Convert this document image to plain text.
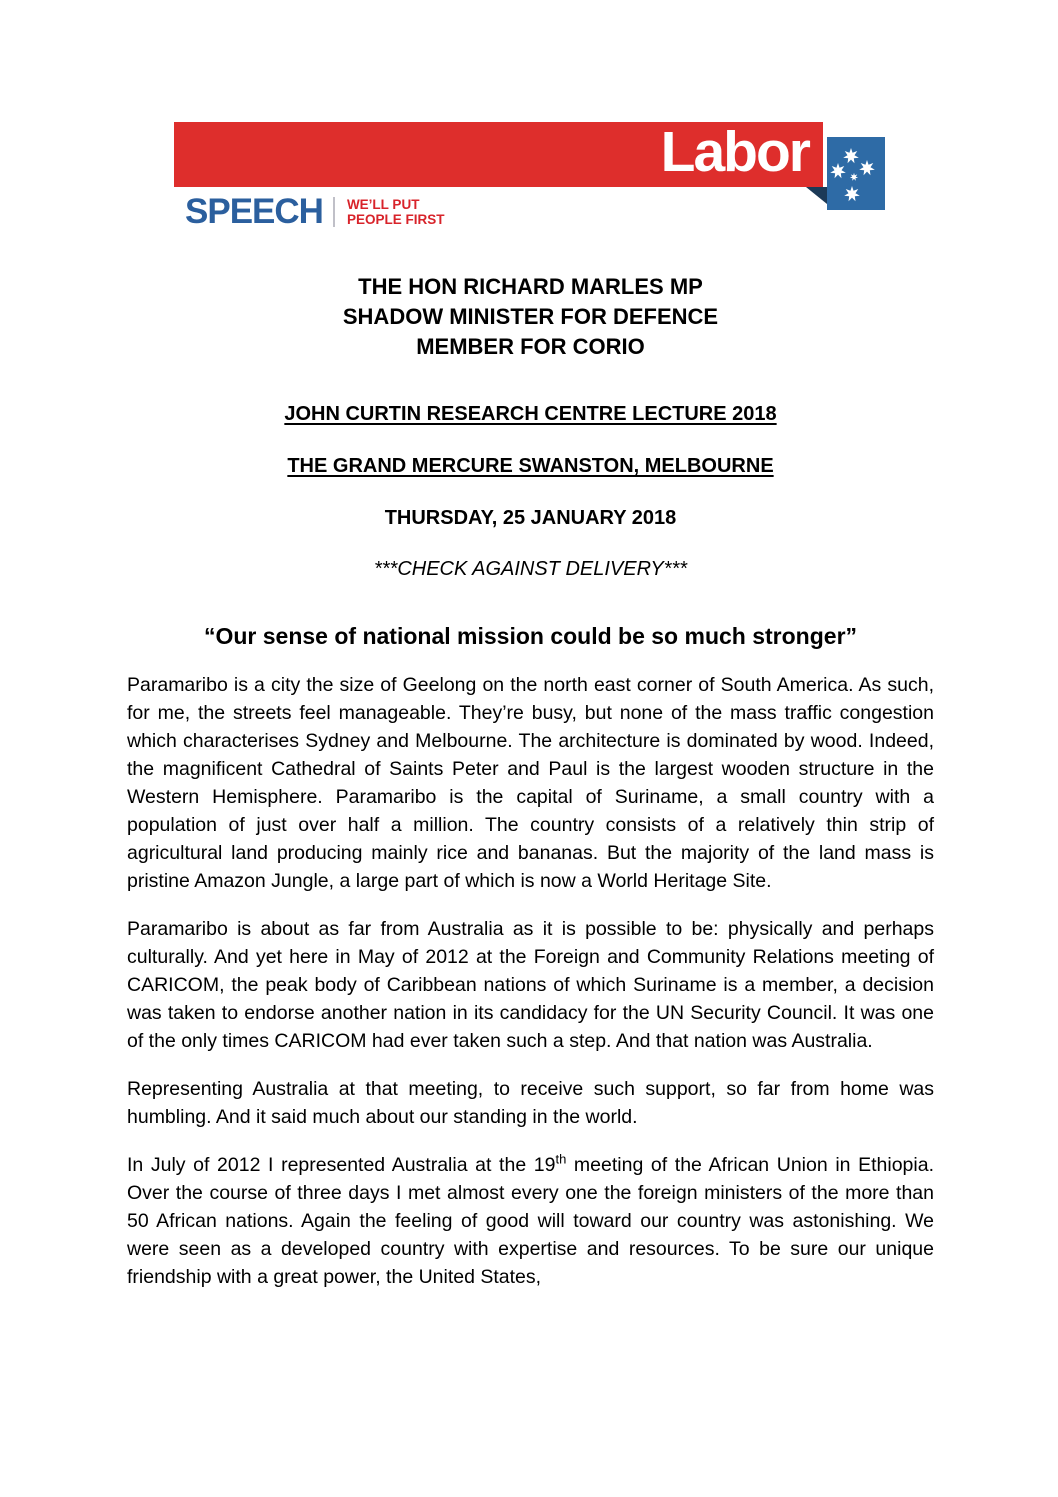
Labor
SPEECH WE’LL PUT
PEOPLE FIRST
THE HON RICHARD MARLES MP
SHADOW MINISTER FOR DEFENCE
MEMBER FOR CORIO
JOHN CURTIN RESEARCH CENTRE LECTURE 2018
THE GRAND MERCURE SWANSTON, MELBOURNE
THURSDAY, 25 JANUARY 2018
***CHECK AGAINST DELIVERY***
“Our sense of national mission could be so much stronger”

Paramaribo is a city the size of Geelong on the north east corner of South America. As such, for me, the streets feel manageable. They’re busy, but none of the mass traffic congestion which characterises Sydney and Melbourne. The architecture is dominated by wood. Indeed, the magnificent Cathedral of Saints Peter and Paul is the largest wooden structure in the Western Hemisphere. Paramaribo is the capital of Suriname, a small country with a population of just over half a million. The country consists of a relatively thin strip of agricultural land producing mainly rice and bananas. But the majority of the land mass is pristine Amazon Jungle, a large part of which is now a World Heritage Site.

Paramaribo is about as far from Australia as it is possible to be: physically and perhaps culturally. And yet here in May of 2012 at the Foreign and Community Relations meeting of CARICOM, the peak body of Caribbean nations of which Suriname is a member, a decision was taken to endorse another nation in its candidacy for the UN Security Council. It was one of the only times CARICOM had ever taken such a step. And that nation was Australia.

Representing Australia at that meeting, to receive such support, so far from home was humbling. And it said much about our standing in the world.

In July of 2012 I represented Australia at the 19th meeting of the African Union in Ethiopia. Over the course of three days I met almost every one the foreign ministers of the more than 50 African nations. Again the feeling of good will toward our country was astonishing. We were seen as a developed country with expertise and resources. To be sure our unique friendship with a great power, the United States,
